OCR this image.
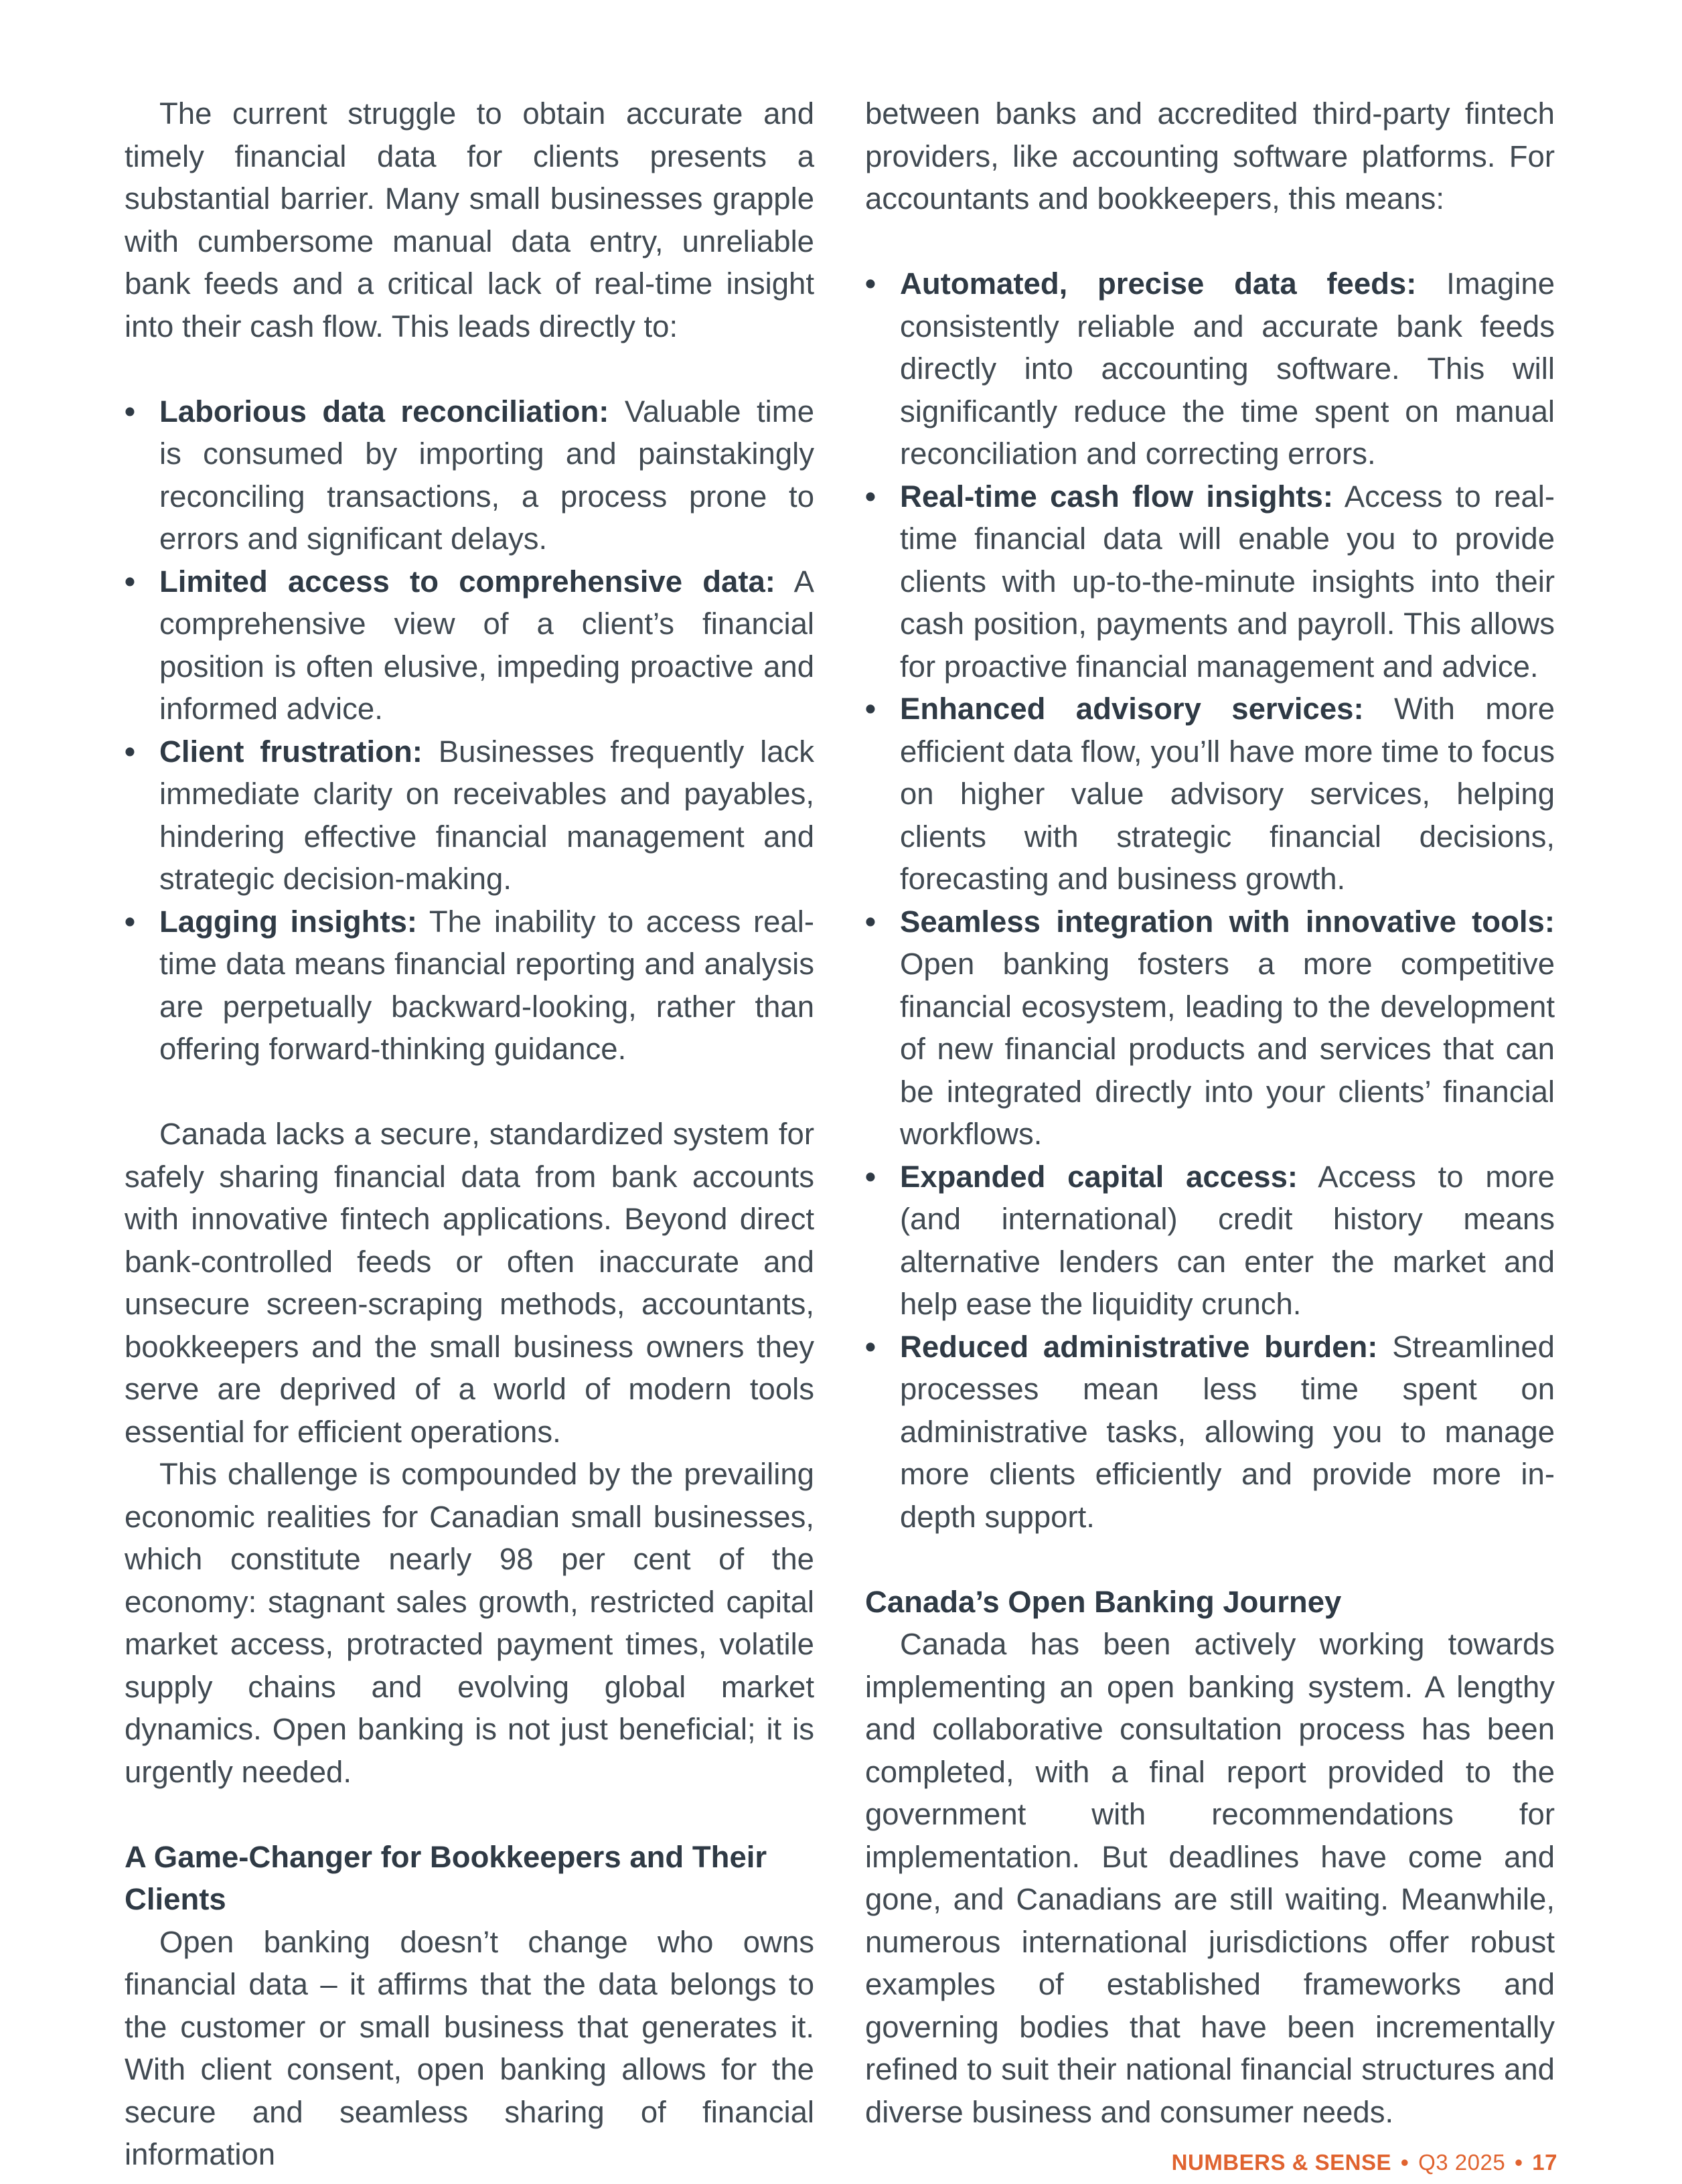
The current struggle to obtain accurate and timely financial data for clients presents a substantial barrier. Many small businesses grapple with cumbersome manual data entry, unreliable bank feeds and a critical lack of real-time insight into their cash flow. This leads directly to:

• Laborious data reconciliation: Valuable time is consumed by importing and painstakingly reconciling transactions, a process prone to errors and significant delays.
• Limited access to comprehensive data: A comprehensive view of a client’s financial position is often elusive, impeding proactive and informed advice.
• Client frustration: Businesses frequently lack immediate clarity on receivables and payables, hindering effective financial management and strategic decision-making.
• Lagging insights: The inability to access real-time data means financial reporting and analysis are perpetually backward-looking, rather than offering forward-thinking guidance.

Canada lacks a secure, standardized system for safely sharing financial data from bank accounts with innovative fintech applications. Beyond direct bank-controlled feeds or often inaccurate and unsecure screen-scraping methods, accountants, bookkeepers and the small business owners they serve are deprived of a world of modern tools essential for efficient operations.

This challenge is compounded by the prevailing economic realities for Canadian small businesses, which constitute nearly 98 per cent of the economy: stagnant sales growth, restricted capital market access, protracted payment times, volatile supply chains and evolving global market dynamics. Open banking is not just beneficial; it is urgently needed.

A Game-Changer for Bookkeepers and Their Clients

Open banking doesn’t change who owns financial data – it affirms that the data belongs to the customer or small business that generates it. With client consent, open banking allows for the secure and seamless sharing of financial information

between banks and accredited third-party fintech providers, like accounting software platforms. For accountants and bookkeepers, this means:

• Automated, precise data feeds: Imagine consistently reliable and accurate bank feeds directly into accounting software. This will significantly reduce the time spent on manual reconciliation and correcting errors.
• Real-time cash flow insights: Access to real-time financial data will enable you to provide clients with up-to-the-minute insights into their cash position, payments and payroll. This allows for proactive financial management and advice.
• Enhanced advisory services: With more efficient data flow, you’ll have more time to focus on higher value advisory services, helping clients with strategic financial decisions, forecasting and business growth.
• Seamless integration with innovative tools: Open banking fosters a more competitive financial ecosystem, leading to the development of new financial products and services that can be integrated directly into your clients’ financial workflows.
• Expanded capital access: Access to more (and international) credit history means alternative lenders can enter the market and help ease the liquidity crunch.
• Reduced administrative burden: Streamlined processes mean less time spent on administrative tasks, allowing you to manage more clients efficiently and provide more in-depth support.
Canada’s Open Banking Journey

Canada has been actively working towards implementing an open banking system. A lengthy and collaborative consultation process has been completed, with a final report provided to the government with recommendations for implementation. But deadlines have come and gone, and Canadians are still waiting. Meanwhile, numerous international jurisdictions offer robust examples of established frameworks and governing bodies that have been incrementally refined to suit their national financial structures and diverse business and consumer needs.

NUMBERS & SENSE • Q3 2025 • 17
